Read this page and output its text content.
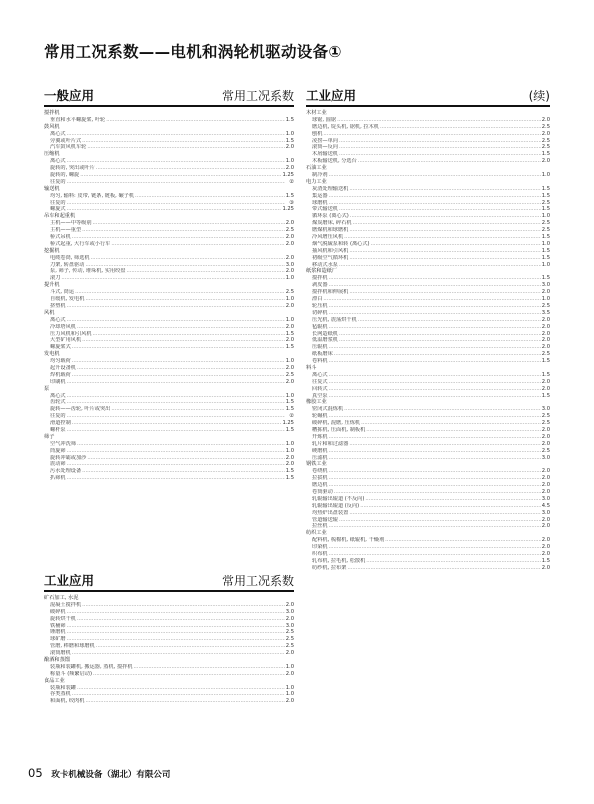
常用工况系数——电机和涡轮机驱动设备①
一般应用	常用工况系数
搅拌机
垂直和水平螺旋桨, 叶轮 .....	1.5
鼓风机
离心式 .....	1.0
旁翼或叶片式 .....	1.5
汽车鼓风机车轮 .....	2.0
压缩机
离心式 .....	1.0
旋转的, 突出或叶片 .....	2.0
旋转的, 螺旋 .....	1.25
往复的 .....	②
输送机
均匀, 输料: 皮带, 链条, 链板, 碾子机 .....	1.5
往复的 .....	③
螺旋式 .....	1.25
吊车和起重机
主机——中等级别 .....	2.0
主机——重型 .....	2.5
桥式吊机 .....	2.0
桥式起重, 大行车或小行车 .....	2.0
挖掘机
电缆卷筒, 筛选机 .....	2.0
刀架, 转盘驱动 .....	3.0
泵, 筛子, 传动, 堆垛机, 实用绞盘 .....	2.0
滚刀 .....	1.0
提升机
斗式, 筒运 .....	2.5
自缓机, 发电机 .....	1.0
挤塑机 .....	2.0
风机
离心式 .....	1.0
冷却塔风机 .....	2.0
压力风机和引风机 .....	1.5
大型矿用风机 .....	2.0
螺旋桨式 .....	1.5
发电机
均匀载荷 .....	1.0
起升设备机 .....	2.0
焊机载荷 .....	2.5
印刷机 .....	2.0
泵
离心式 .....	1.0
齿轮式 .....	1.5
旋转——齿轮, 叶片或突出 .....	1.5
往复的 .....	②
滑道控制 .....	1.25
螺杆泵 .....	1.5
筛子
空气冲洗筛 .....	1.0
筒旋筛 .....	1.0
旋转冲霸或加沙 .....	2.0
震动筛 .....	2.0
污水处理设备 .....	1.5
扒筛机 .....	1.5
工业应用	常用工况系数
矿石加工, 水泥
混凝土搅拌机 .....	2.0
破碎机 .....	3.0
旋转烘干机 .....	2.0
铁桶筛 .....	3.0
锤磨机 .....	2.5
球矿磨 .....	2.5
管磨, 棒磨和球磨机 .....	2.5
滚筒磨机 .....	2.0
酿酒和蒸馏
装瓶和装罐机, 搬运器, 蒸机, 搅拌机 .....	1.0
称量斗 (频繁启动) .....	2.0
食品工业
装瓶和装罐 .....	1.0
谷类蒸机 .....	1.0
和面机, 绞肉机 .....	2.0
工业应用	(续)
木材工业
球锯, 圆锯 .....	2.0
磨边机, 锭头机, 锯机, 拉木机 .....	2.5
刨机 .....	2.0
凌捞—单向 .....	2.5
滚筒—反向 .....	2.5
木屑输送机 .....	1.5
木板输送机, 分选台 .....	2.0
石油工业
制冷剂 .....	1.0
电力工业
灰渣处理输送机 .....	1.5
集运器 .....	1.5
球磨机 .....	2.5
带式输送机 .....	1.5
循环泵 (离心式) .....	1.0
煤炭磨床, 碎石机 .....	2.5
磨煤机和球磨机 .....	2.5
冷风增压风机 .....	1.5
烟气脱硫泵和转 (离心式) .....	1.0
抽风机和引风机 .....	1.5
初级空气循环机 .....	1.5
移动式水泵 .....	1.0
纸浆和造纸厂
搅拌机 .....	1.5
剥皮器 .....	3.0
搅拌机和伸展机 .....	2.0
漂白 .....	1.0
轮压机 .....	2.5
切碎机 .....	3.5
压光机, 震荡烘干机 .....	2.0
毡辊机 .....	2.0
长网造纸机 .....	2.0
低温磨浆机 .....	2.0
压辊机 .....	2.0
纸板磨床 .....	2.5
卷料机 .....	1.5
料斗
离心式 .....	1.5
往复式 .....	2.0
回转式 .....	2.0
真空泵 .....	1.5
橡胶工业
密闭式混炼机 .....	3.0
轮碾机 .....	2.5
破碎机, 混磨, 压炼机 .....	2.5
糟拣机, 压面机, 制板机 .....	2.0
开炼机 .....	2.0
轧片和和过滤器 .....	2.0
硬磨机 .....	2.5
压滤机 .....	3.0
钢铁工业
卷绕机 .....	2.0
拉拔机 .....	2.0
磨边机 .....	2.0
卷筒驱动 .....	2.0
轧辊输出辊道 (不反向) .....	3.0
轧辊输出辊道 (反向) .....	4.5
均热炉出盘装置 .....	3.0
管道输送辊 .....	2.0
拉丝机 .....	2.0
纺织工业
配料机, 梳棉机, 纸辊机, 干燥剂 .....	2.0
印染机 .....	2.0
织布机 .....	2.0
轧布机, 拉毛机, 松散机 .....	1.5
纺纱机, 拉布架 .....	2.0
05 玫卡机械设备（湖北）有限公司
